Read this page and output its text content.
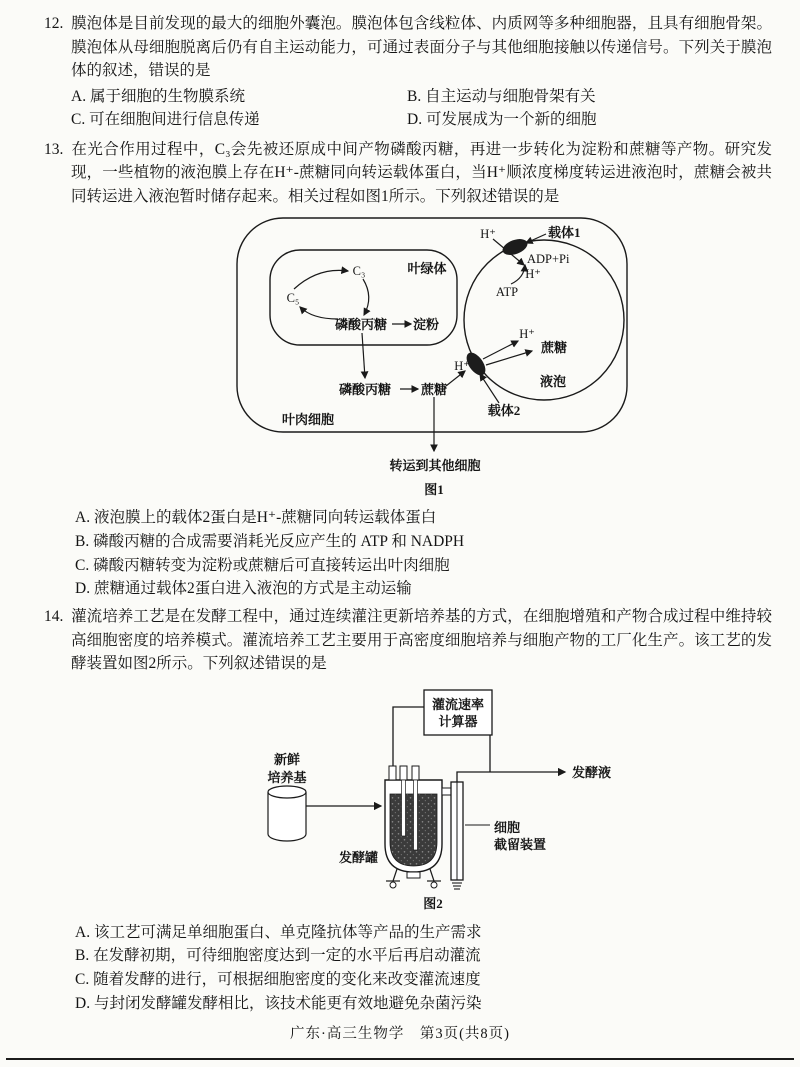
12. 膜泡体是目前发现的最大的细胞外囊泡。膜泡体包含线粒体、内质网等多种细胞器，且具有细胞骨架。膜泡体从母细胞脱离后仍有自主运动能力，可通过表面分子与其他细胞接触以传递信号。下列关于膜泡体的叙述，错误的是

A. 属于细胞的生物膜系统	B. 自主运动与细胞骨架有关
C. 可在细胞间进行信息传递	D. 可发展成为一个新的细胞

13. 在光合作用过程中，C₃会先被还原成中间产物磷酸丙糖，再进一步转化为淀粉和蔗糖等产物。研究发现，一些植物的液泡膜上存在H⁺-蔗糖同向转运载体蛋白，当H⁺顺浓度梯度转运进液泡时，蔗糖会被共同转运进入液泡暂时储存起来。相关过程如图1所示。下列叙述错误的是

C₃
C₅
叶绿体
磷酸丙糖 淀粉
磷酸丙糖 蔗糖
叶肉细胞
H⁺	载体1
ADP+Pi
H⁺
ATP
H⁺
蔗糖
液泡
H⁺
载体2
转运到其他细胞
图1
A. 液泡膜上的载体2蛋白是H⁺-蔗糖同向转运载体蛋白
B. 磷酸丙糖的合成需要消耗光反应产生的 ATP 和 NADPH
C. 磷酸丙糖转变为淀粉或蔗糖后可直接转运出叶肉细胞
D. 蔗糖通过载体2蛋白进入液泡的方式是主动运输

14. 灌流培养工艺是在发酵工程中，通过连续灌注更新培养基的方式，在细胞增殖和产物合成过程中维持较高细胞密度的培养模式。灌流培养工艺主要用于高密度细胞培养与细胞产物的工厂化生产。该工艺的发酵装置如图2所示。下列叙述错误的是

灌流速率
计算器
新鲜
培养基
发酵罐
细胞
截留装置
发酵液
图2
A. 该工艺可满足单细胞蛋白、单克隆抗体等产品的生产需求
B. 在发酵初期，可待细胞密度达到一定的水平后再启动灌流
C. 随着发酵的进行，可根据细胞密度的变化来改变灌流速度
D. 与封闭发酵罐发酵相比，该技术能更有效地避免杂菌污染
广东·高三生物学　第3页(共8页)
